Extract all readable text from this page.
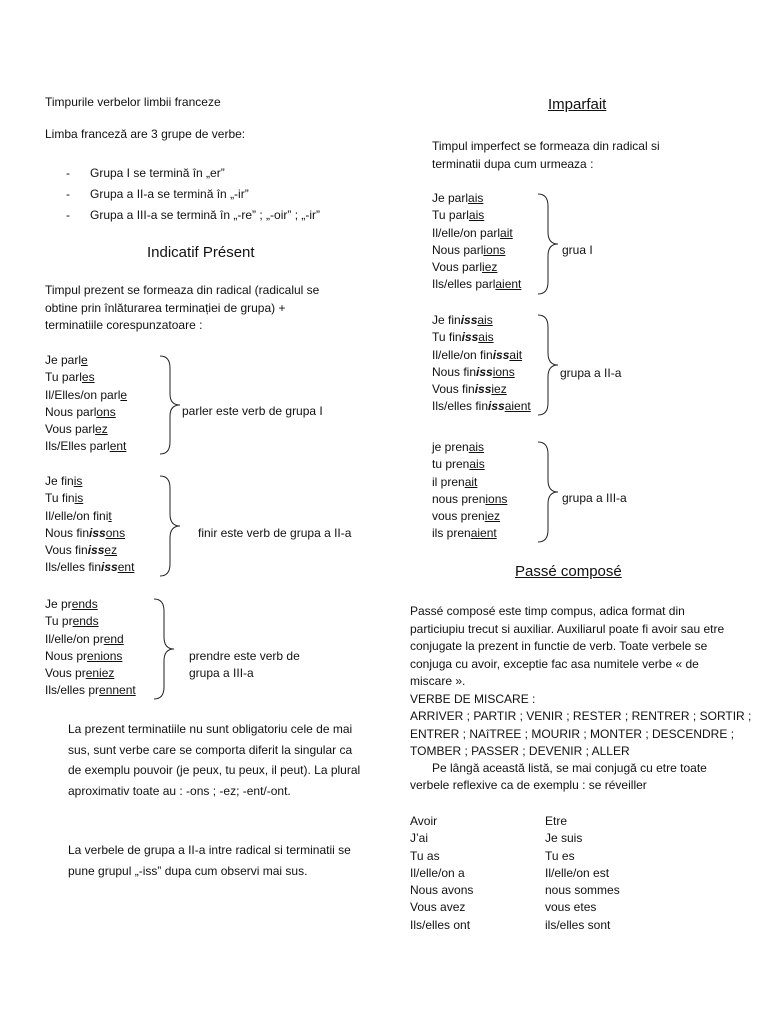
Timpurile verbelor limbii franceze
Limba franceză are 3 grupe de verbe:
- Grupa I se termină în „er”
- Grupa a II-a se termină în „-ir”
- Grupa a III-a se termină în „-re” ; „-oir” ; „-ir”
Indicatif Présent
Timpul prezent se formeaza din radical (radicalul se obtine prin înlăturarea terminației de grupa) + terminatiile corespunzatoare :
Je parle
Tu parles
Il/Elles/on parle
Nous parlons
Vous parlez
Ils/Elles parlent
parler este verb de grupa I
Je finis
Tu finis
Il/elle/on finit
Nous finissons
Vous finissez
Ils/elles finissent
finir este verb de grupa a II-a
Je prends
Tu prends
Il/elle/on prend
Nous prenions
Vous preniez
Ils/elles prennent
prendre este verb de
grupa a III-a
La prezent terminatiile nu sunt obligatoriu cele de mai sus, sunt verbe care se comporta diferit la singular ca de exemplu pouvoir (je peux, tu peux, il peut). La plural aproximativ toate au : -ons ; -ez; -ent/-ont.
La verbele de grupa a II-a intre radical si terminatii se pune grupul „-iss” dupa cum observi mai sus.
Imparfait
Timpul imperfect se formeaza din radical si terminatii dupa cum urmeaza :
Je parlais
Tu parlais
Il/elle/on parlait
Nous parlions
Vous parliez
Ils/elles parlaient
grua I
Je finissais
Tu finissais
Il/elle/on finissait
Nous finissions
Vous finissiez
Ils/elles finissaient
grupa a II-a
je prenais
tu prenais
il prenait
nous prenions
vous preniez
ils prenaient
grupa a III-a
Passé composé
Passé composé este timp compus, adica format din particiupiu trecut si auxiliar. Auxiliarul poate fi avoir sau etre conjugate la prezent in functie de verb. Toate verbele se conjuga cu avoir, exceptie fac asa numitele verbe « de miscare ».
VERBE DE MISCARE :
ARRIVER ; PARTIR ; VENIR ; RESTER ; RENTRER ; SORTIR ;
ENTRER ; NAîTREE ; MOURIR ; MONTER ; DESCENDRE ;
TOMBER ; PASSER ; DEVENIR ; ALLER
Pe lângă această listă, se mai conjugă cu etre toate verbele reflexive ca de exemplu : se réveiller
Avoir
J’ai
Tu as
Il/elle/on a
Nous avons
Vous avez
Ils/elles ont
Etre
Je suis
Tu es
Il/elle/on est
nous sommes
vous etes
ils/elles sont
